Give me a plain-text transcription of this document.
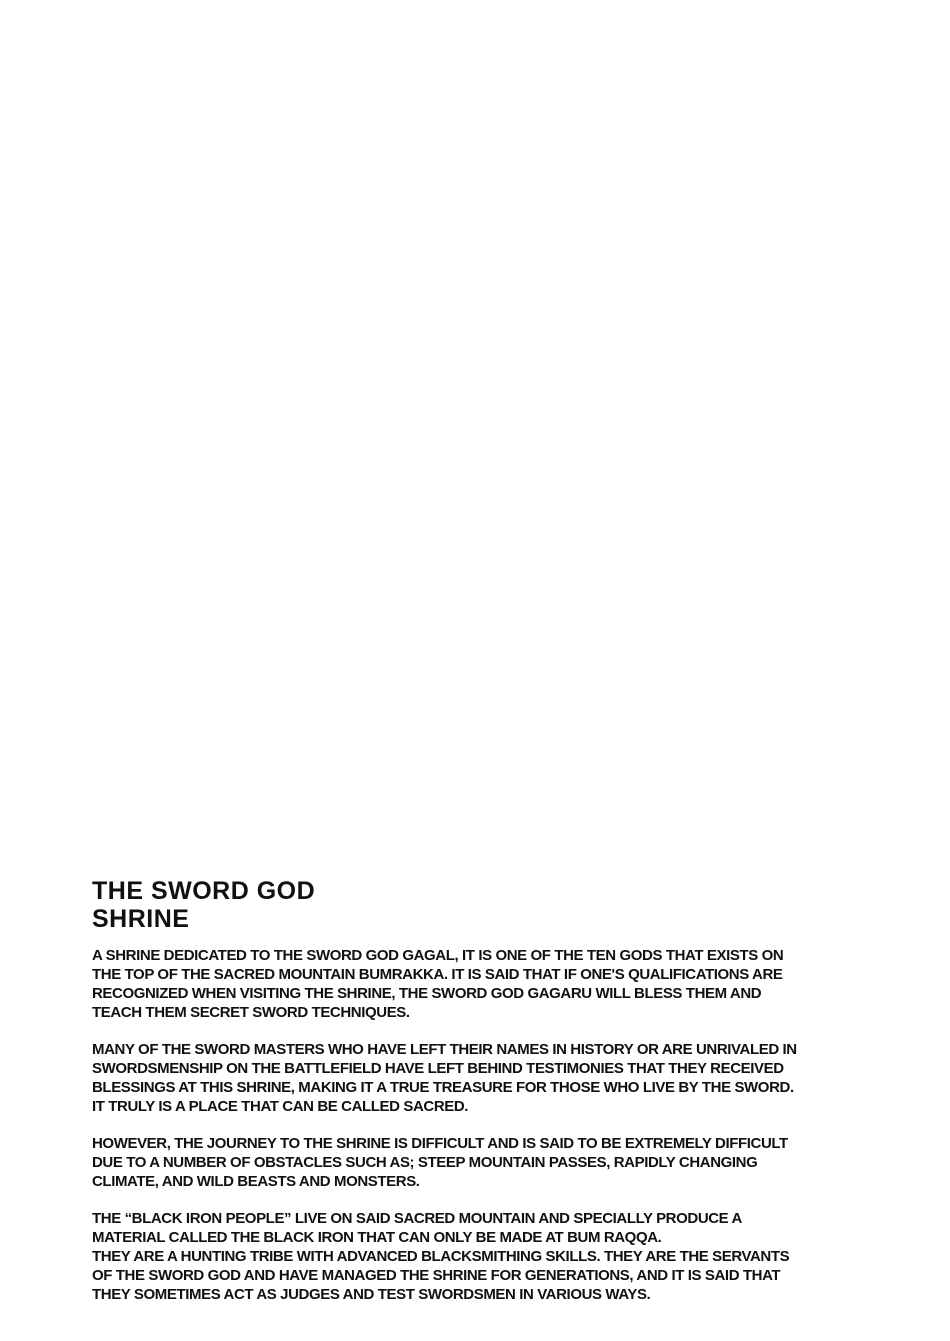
THE SWORD GOD
SHRINE
A SHRINE DEDICATED TO THE SWORD GOD GAGAL, IT IS ONE OF THE TEN GODS THAT EXISTS ON
THE TOP OF THE SACRED MOUNTAIN BUMRAKKA. IT IS SAID THAT IF ONE'S QUALIFICATIONS ARE
RECOGNIZED WHEN VISITING THE SHRINE, THE SWORD GOD GAGARU WILL BLESS THEM AND
TEACH THEM SECRET SWORD TECHNIQUES.
MANY OF THE SWORD MASTERS WHO HAVE LEFT THEIR NAMES IN HISTORY OR ARE UNRIVALED IN
SWORDSMENSHIP ON THE BATTLEFIELD HAVE LEFT BEHIND TESTIMONIES THAT THEY RECEIVED
BLESSINGS AT THIS SHRINE, MAKING IT A TRUE TREASURE FOR THOSE WHO LIVE BY THE SWORD.
IT TRULY IS A PLACE THAT CAN BE CALLED SACRED.
HOWEVER, THE JOURNEY TO THE SHRINE IS DIFFICULT AND IS SAID TO BE EXTREMELY DIFFICULT
DUE TO A NUMBER OF OBSTACLES SUCH AS; STEEP MOUNTAIN PASSES, RAPIDLY CHANGING
CLIMATE, AND WILD BEASTS AND MONSTERS.
THE “BLACK IRON PEOPLE” LIVE ON SAID SACRED MOUNTAIN AND SPECIALLY PRODUCE A
MATERIAL CALLED THE BLACK IRON THAT CAN ONLY BE MADE AT BUM RAQQA.
THEY ARE A HUNTING TRIBE WITH ADVANCED BLACKSMITHING SKILLS. THEY ARE THE SERVANTS
OF THE SWORD GOD AND HAVE MANAGED THE SHRINE FOR GENERATIONS, AND IT IS SAID THAT
THEY SOMETIMES ACT AS JUDGES AND TEST SWORDSMEN IN VARIOUS WAYS.
